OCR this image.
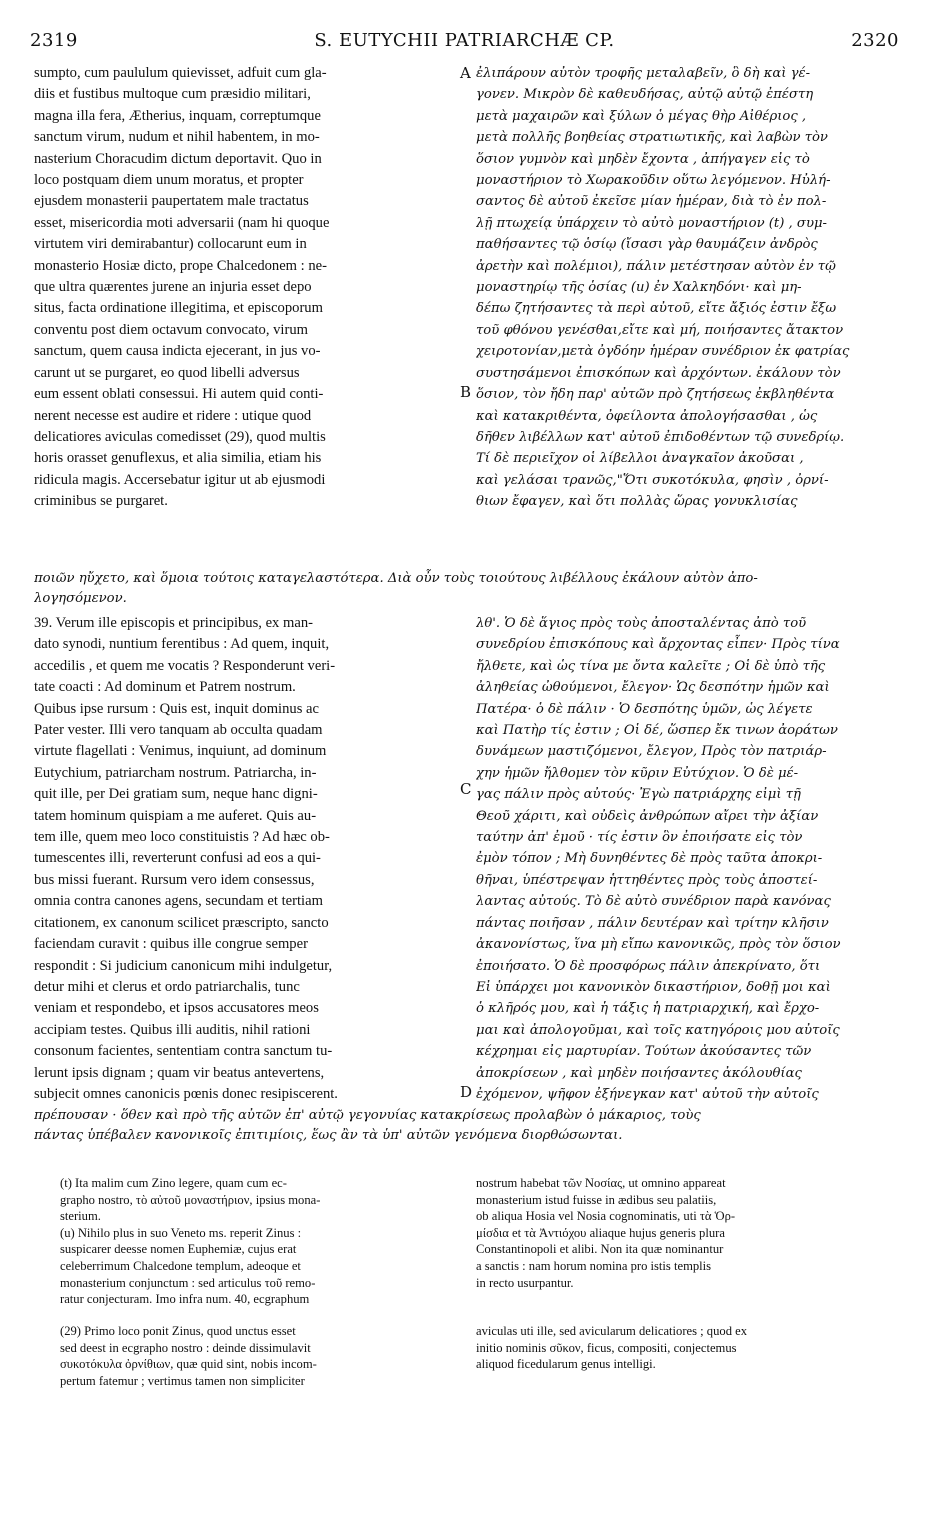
2319	S. EUTYCHII PATRIARCHÆ CP.	2320
sumpto, cum paululum quievisset, adfuit cum gla-
diis et fustibus multoque cum præsidio militari,
magna illa fera, Ætherius, inquam, correptumque
sanctum virum, nudum et nihil habentem, in mo-
nasterium Choracudim dictum deportavit. Quo in
loco postquam diem unum moratus, et propter
ejusdem monasterii paupertatem male tractatus
esset, misericordia moti adversarii (nam hi quoque
virtutem viri demirabantur) collocarunt eum in
monasterio Hosiæ dicto, prope Chalcedonem : ne-
que ultra quærentes jurene an injuria esset depo
situs, facta ordinatione illegitima, et episcoporum
conventu post diem octavum convocato, virum
sanctum, quem causa indicta ejecerant, in jus vo-
carunt ut se purgaret, eo quod libelli adversus
eum essent oblati consessui. Hi autem quid conti-
nerent necesse est audire et ridere : utique quod
delicatiores aviculas comedisset (29), quod multis
horis orasset genuflexus, et alia similia, etiam his
ridicula magis. Accersebatur igitur ut ab ejusmodi
criminibus se purgaret.
ἐλιπάρουν αὐτὸν τροφῆς μεταλαβεῖν, ὃ δὴ καὶ γέ-
γονεν. Μικρὸν δὲ καθευδήσας, αὐτῷ αὐτῷ ἐπέστη
μετὰ μαχαιρῶν καὶ ξύλων ὁ μέγας θὴρ Αἰθέριος ,
μετὰ πολλῆς βοηθείας στρατιωτικῆς, καὶ λαβὼν τὸν
ὅσιον γυμνὸν καὶ μηδὲν ἔχοντα , ἀπήγαγεν εἰς τὸ
μοναστήριον τὸ Χωρακοῦδιν οὕτω λεγόμενον. Ηὐλή-
σαντος δὲ αὐτοῦ ἐκεῖσε μίαν ἡμέραν, διὰ τὸ ἐν πολ-
λῇ πτωχείᾳ ὑπάρχειν τὸ αὐτὸ μοναστήριον (t) , συμ-
παθήσαντες τῷ ὁσίῳ (ἴσασι γὰρ θαυμάζειν ἀνδρὸς
ἀρετὴν καὶ πολέμιοι), πάλιν μετέστησαν αὐτὸν ἐν τῷ
μοναστηρίῳ τῆς ὁσίας (u) ἐν Χαλκηδόνι· καὶ μη-
δέπω ζητήσαντες τὰ περὶ αὐτοῦ, εἴτε ἄξιός ἐστιν ἔξω
τοῦ φθόνου γενέσθαι,εἴτε καὶ μή, ποιήσαντες ἄτακτον
χειροτονίαν,μετὰ ὀγδόην ἡμέραν συνέδριον ἐκ φατρίας
συστησάμενοι ἐπισκόπων καὶ ἀρχόντων. ἐκάλουν τὸν
ὅσιον, τὸν ἤδη παρ' αὐτῶν πρὸ ζητήσεως ἐκβληθέντα
καὶ κατακριθέντα, ὀφείλοντα ἀπολογήσασθαι , ὡς
δῆθεν λιβέλλων κατ' αὐτοῦ ἐπιδοθέντων τῷ συνεδρίῳ.
Τί δὲ περιεῖχον οἱ λίβελλοι ἀναγκαῖον ἀκοῦσαι ,
καὶ γελάσαι τρανῶς,"Ὅτι συκοτόκυλα, φησὶν , ὀρνί-
θιων ἔφαγεν, καὶ ὅτι πολλὰς ὥρας γονυκλισίας
ποιῶν ηὔχετο, καὶ ὅμοια τούτοις καταγελαστότερα. Διὰ οὖν τοὺς τοιούτους λιβέλλους ἐκάλουν αὐτὸν ἀπο-
λογησόμενον.
39. Verum ille episcopis et principibus, ex man-
dato synodi, nuntium ferentibus : Ad quem, inquit,
accedilis , et quem me vocatis ? Responderunt veri-
tate coacti : Ad dominum et Patrem nostrum.
Quibus ipse rursum : Quis est, inquit dominus ac
Pater vester. Illi vero tanquam ab occulta quadam
virtute flagellati : Venimus, inquiunt, ad dominum
Eutychium, patriarcham nostrum. Patriarcha, in-
quit ille, per Dei gratiam sum, neque hanc digni-
tatem hominum quispiam a me auferet. Quis au-
tem ille, quem meo loco constituistis ? Ad hæc ob-
tumescentes illi, reverterunt confusi ad eos a qui-
bus missi fuerant. Rursum vero idem consessus,
omnia contra canones agens, secundam et tertiam
citationem, ex canonum scilicet præscripto, sancto
faciendam curavit : quibus ille congrue semper
respondit : Si judicium canonicum mihi indulgetur,
detur mihi et clerus et ordo patriarchalis, tunc
veniam et respondebo, et ipsos accusatores meos
accipiam testes. Quibus illi auditis, nihil rationi
consonum facientes, sententiam contra sanctum tu-
lerunt ipsis dignam ; quam vir beatus antevertens,
subjecit omnes canonicis pœnis donec resipiscerent.
λθ'. Ὁ δὲ ἅγιος πρὸς τοὺς ἀποσταλέντας ἀπὸ τοῦ
συνεδρίου ἐπισκόπους καὶ ἄρχοντας εἶπεν· Πρὸς τίνα
ἤλθετε, καὶ ὡς τίνα με ὄντα καλεῖτε ; Οἱ δὲ ὑπὸ τῆς
ἀληθείας ὠθούμενοι, ἔλεγον· Ὡς δεσπότην ἡμῶν καὶ
Πατέρα· ὁ δὲ πάλιν · Ὁ δεσπότης ὑμῶν, ὡς λέγετε
καὶ Πατὴρ τίς ἐστιν ; Οἱ δέ, ὥσπερ ἔκ τινων ἀοράτων
δυνάμεων μαστιζόμενοι, ἔλεγον, Πρὸς τὸν πατριάρ-
χην ἡμῶν ἤλθομεν τὸν κῦριν Εὐτύχιον. Ὁ δὲ μέ-
γας πάλιν πρὸς αὐτούς· Ἐγὼ πατριάρχης εἰμὶ τῇ
Θεοῦ χάριτι, καὶ οὐδεὶς ἀνθρώπων αἴρει τὴν ἀξίαν
ταύτην ἀπ' ἐμοῦ · τίς ἐστιν ὃν ἐποιήσατε εἰς τὸν
ἐμὸν τόπον ; Μὴ δυνηθέντες δὲ πρὸς ταῦτα ἀποκρι-
θῆναι, ὑπέστρεψαν ἡττηθέντες πρὸς τοὺς ἀποστεί-
λαντας αὐτούς. Τὸ δὲ αὐτὸ συνέδριον παρὰ κανόνας
πάντας ποιῆσαν , πάλιν δευτέραν καὶ τρίτην κλῆσιν
ἀκανονίστως, ἵνα μὴ εἴπω κανονικῶς, πρὸς τὸν ὅσιον
ἐποιήσατο. Ὁ δὲ προσφόρως πάλιν ἀπεκρίνατο, ὅτι
Εἰ ὑπάρχει μοι κανονικὸν δικαστήριον, δοθῇ μοι καὶ
ὁ κλῆρός μου, καὶ ἡ τάξις ἡ πατριαρχική, καὶ ἔρχο-
μαι καὶ ἀπολογοῦμαι, καὶ τοῖς κατηγόροις μου αὐτοῖς
κέχρημαι εἰς μαρτυρίαν. Τούτων ἀκούσαντες τῶν
ἀποκρίσεων , καὶ μηδὲν ποιήσαντες ἀκόλουθίας
ἐχόμενον, ψῆφον ἐξήνεγκαν κατ' αὐτοῦ τὴν αὐτοῖς
πρέπουσαν · ὅθεν καὶ πρὸ τῆς αὐτῶν ἐπ' αὐτῷ γεγονυίας κατακρίσεως προλαβὼν ὁ μάκαριος, τοὺς
πάντας ὑπέβαλεν κανονικοῖς ἐπιτιμίοις, ἕως ἂν τὰ ὑπ' αὐτῶν γενόμενα διορθώσωνται.
A
B
C
D
(t) Ita malim cum Zino legere, quam cum ec-
grapho nostro, τὸ αὐτοῦ μοναστήριον, ipsius mona-
sterium.
(u) Nihilo plus in suo Veneto ms. reperit Zinus :
suspicarer deesse nomen Euphemiæ, cujus erat
celeberrimum Chalcedone templum, adeoque et
monasterium conjunctum : sed articulus τοῦ remo-
ratur conjecturam. Imo infra num. 40, ecgraphum
nostrum habebat τῶν Νοσίας, ut omnino appareat
monasterium istud fuisse in ædibus seu palatiis,
ob aliqua Hosia vel Nosia cognominatis, uti τὰ Ὁρ-
μίσδια et τὰ Ἀντιόχου aliaque hujus generis plura
Constantinopoli et alibi. Non ita quæ nominantur
a sanctis : nam horum nomina pro istis templis
in recto usurpantur.
(29) Primo loco ponit Zinus, quod unctus esset
sed deest in ecgrapho nostro : deinde dissimulavit
συκοτόκυλα ὀρνίθιων, quæ quid sint, nobis incom-
pertum fatemur ; vertimus tamen non simpliciter
aviculas uti ille, sed avicularum delicatiores ; quod ex
initio nominis σῦκον, ficus, compositi, conjectemus
aliquod ficedularum genus intelligi.
